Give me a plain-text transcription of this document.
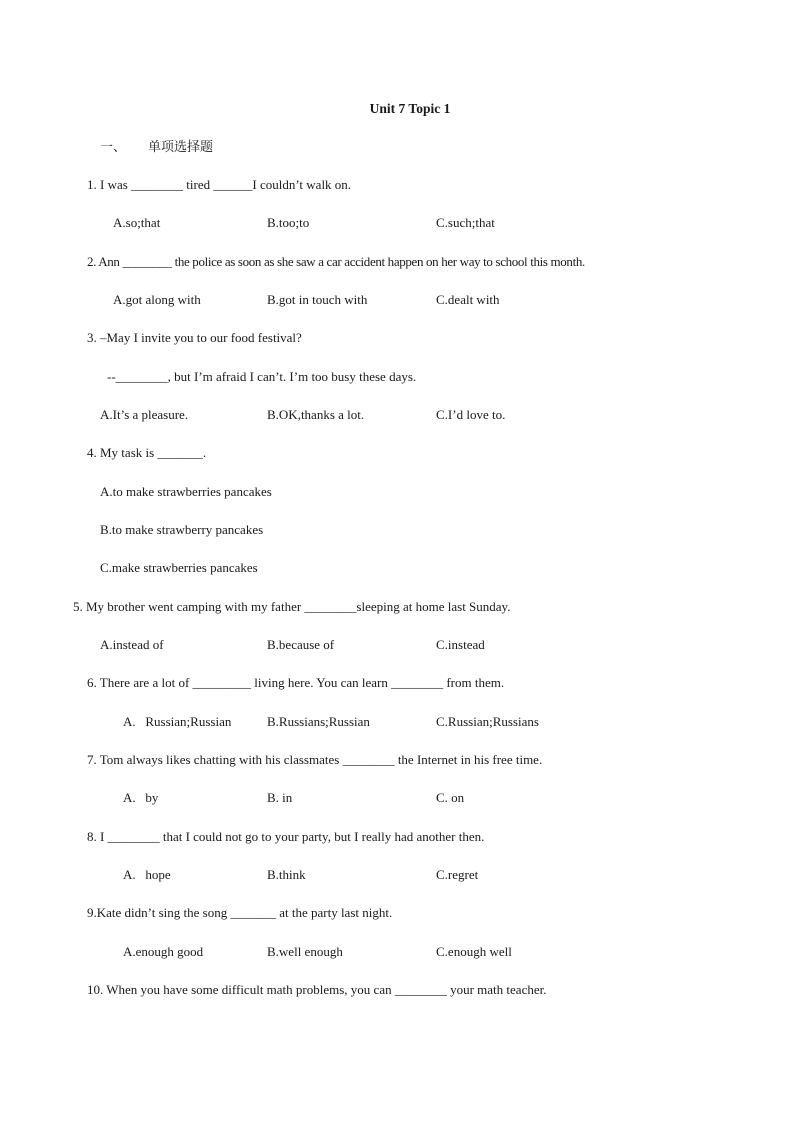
Unit 7 Topic 1
一、 单项选择题
1. I was ________ tired ______I couldn’t walk on.
A.so;that	B.too;to	C.such;that
2. Ann ________ the police as soon as she saw a car accident happen on her way to school this month.
A.got along with	B.got in touch with	C.dealt with
3. –May I invite you to our food festival?
--________, but I’m afraid I can’t. I’m too busy these days.
A.It’s a pleasure.	B.OK,thanks a lot.	C.I’d love to.
4. My task is _______.
A.to make strawberries pancakes
B.to make strawberry pancakes
C.make strawberries pancakes
5. My brother went camping with my father ________sleeping at home last Sunday.
A.instead of	B.because of	C.instead
6. There are a lot of _________ living here. You can learn ________ from them.
A.   Russian;Russian	B.Russians;Russian	C.Russian;Russians
7. Tom always likes chatting with his classmates ________ the Internet in his free time.
A.   by	B. in	C. on
8. I ________ that I could not go to your party, but I really had another then.
A.   hope	B.think	C.regret
9.Kate didn’t sing the song _______ at the party last night.
A.enough good	B.well enough	C.enough well
10. When you have some difficult math problems, you can ________ your math teacher.
